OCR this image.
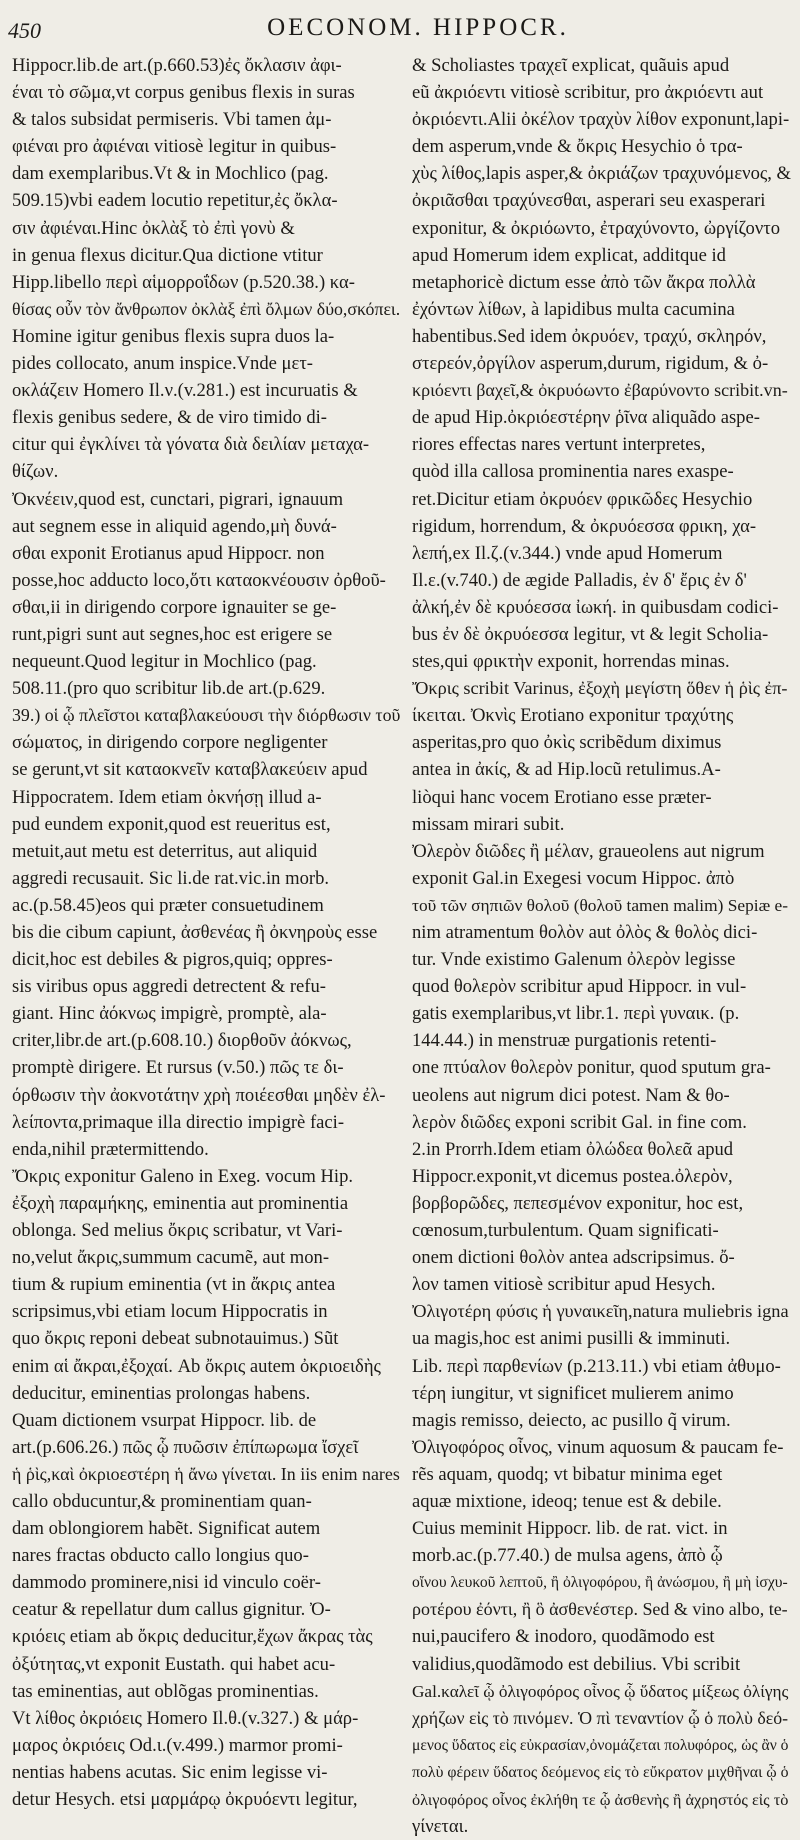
450	OECONOM. HIPPOCR.
Hippocr.lib.de art.(p.660.53)ἐς ὄκλασιν ἀφι-
έναι τὸ σῶμα,vt corpus genibus flexis in suras
& talos subsidat permiseris. Vbi tamen ἀμ-
φιέναι pro ἀφιέναι vitiosè legitur in quibus-
dam exemplaribus.Vt & in Mochlico (pag.
509.15)vbi eadem locutio repetitur,ἐς ὄκλα-
σιν ἀφιέναι.Hinc ὀκλὰξ τὸ ἐπὶ γονὺ &
in genua flexus dicitur.Qua dictione vtitur
Hipp.libello περὶ αἱμορροΐδων (p.520.38.) κα-
θίσας οὖν τὸν ἄνθρωπον ὀκλὰξ ἐπὶ ὄλμων δύο,σκόπει.
Homine igitur genibus flexis supra duos la-
pides collocato, anum inspice.Vnde μετ-
οκλάζειν Homero Il.ν.(v.281.) est incuruatis &
flexis genibus sedere, & de viro timido di-
citur qui ἐγκλίνει τὰ γόνατα διὰ δειλίαν μεταχα-
θίζων.
Ὀκνέειν,quod est, cunctari, pigrari, ignauum
aut segnem esse in aliquid agendo,μὴ δυνά-
σθαι exponit Erotianus apud Hippocr. non
posse,hoc adducto loco,ὅτι καταοκνέουσιν ὀρθοῦ-
σθαι,ii in dirigendo corpore ignauiter se ge-
runt,pigri sunt aut segnes,hoc est erigere se
nequeunt.Quod legitur in Mochlico (pag.
508.11.(pro quo scribitur lib.de art.(p.629.
39.) οἱ ᾧ πλεῖστοι καταβλακεύουσι τὴν διόρθωσιν τοῦ
σώματος, in dirigendo corpore negligenter
se gerunt,vt sit καταοκνεῖν καταβλακεύειν apud
Hippocratem. Idem etiam ὀκνήσῃ illud a-
pud eundem exponit,quod est reueritus est,
metuit,aut metu est deterritus, aut aliquid
aggredi recusauit. Sic li.de rat.vic.in morb.
ac.(p.58.45)eos qui præter consuetudinem
bis die cibum capiunt, ἀσθενέας ἢ ὀκνηροὺς esse
dicit,hoc est debiles & pigros,quiq; oppres-
sis viribus opus aggredi detrectent & refu-
giant. Hinc ἀόκνως impigrè, promptè, ala-
criter,libr.de art.(p.608.10.) διορθοῦν ἀόκνως,
promptè dirigere. Et rursus (v.50.) πῶς τε δι-
όρθωσιν τὴν ἀοκνοτάτην χρὴ ποιέεσθαι μηδὲν ἐλ-
λείποντα,primaque illa directio impigrè faci-
enda,nihil prætermittendo.
Ὄκρις exponitur Galeno in Exeg. vocum Hip.
ἐξοχὴ παραμήκης, eminentia aut prominentia
oblonga. Sed melius ὄκρις scribatur, vt Vari-
no,velut ἄκρις,summum cacumẽ, aut mon-
tium & rupium eminentia (vt in ἄκρις antea
scripsimus,vbi etiam locum Hippocratis in
quo ὄκρις reponi debeat subnotauimus.) Sũt
enim αἱ ἄκραι,ἐξοχαί. Ab ὄκρις autem ὀκριοειδὴς
deducitur, eminentias prolongas habens.
Quam dictionem vsurpat Hippocr. lib. de
art.(p.606.26.) πῶς ᾧ πυῶσιν ἐπίπωρωμα ἴσχεῖ
ἡ ῥὶς,καὶ ὀκριοεστέρη ἡ ἄνω γίνεται. In iis enim nares
callo obducuntur,& prominentiam quan-
dam oblongiorem habẽt. Significat autem
nares fractas obducto callo longius quo-
dammodo prominere,nisi id vinculo coër-
ceatur & repellatur dum callus gignitur. Ὀ-
κριόεις etiam ab ὄκρις deducitur,ἔχων ἄκρας τὰς
ὀξύτητας,vt exponit Eustath. qui habet acu-
tas eminentias, aut oblõgas prominentias.
Vt λίθος ὀκριόεις Homero Il.θ.(v.327.) & μάρ-
μαρος ὀκριόεις Od.ι.(v.499.) marmor promi-
nentias habens acutas. Sic enim legisse vi-
detur Hesych. etsi μαρμάρῳ ὀκρυόεντι legitur,
& Scholiastes τραχεῖ explicat, quãuis apud
eũ ἀκριόεντι vitiosè scribitur, pro ἀκριόεντι aut
ὀκριόεντι.Alii ὀκέλον τραχὺν λίθον exponunt,lapi-
dem asperum,vnde & ὄκρις Hesychio ὁ τρα-
χὺς λίθος,lapis asper,& ὀκριάζων τραχυνόμενος, &
ὀκριᾶσθαι τραχύνεσθαι, asperari seu exasperari
exponitur, & ὀκριόωντο, ἐτραχύνοντο, ὠργίζοντο
apud Homerum idem explicat, additque id
metaphoricè dictum esse ἀπὸ τῶν ἄκρα πολλὰ
ἐχόντων λίθων, à lapidibus multa cacumina
habentibus.Sed idem ὀκρυόεν, τραχύ, σκληρόν,
στερεόν,ὀργίλον asperum,durum, rigidum, & ὀ-
κριόεντι βαχεῖ,& ὀκρυόωντο ἐβαρύνοντο scribit.vn-
de apud Hip.ὀκριόεστέρην ῥῖνα aliquãdo aspe-
riores effectas nares vertunt interpretes,
quòd illa callosa prominentia nares exaspe-
ret.Dicitur etiam ὀκρυόεν φρικῶδες Hesychio
rigidum, horrendum, & ὀκρυόεσσα φρικη, χα-
λεπή,ex Il.ζ.(v.344.) vnde apud Homerum
Il.ε.(v.740.) de ægide Palladis, ἐν δ' ἔρις ἐν δ'
ἀλκή,ἐν δὲ κρυόεσσα ἰωκή. in quibusdam codici-
bus ἐν δὲ ὀκρυόεσσα legitur, vt & legit Scholia-
stes,qui φρικτὴν exponit, horrendas minas.
Ὄκρις scribit Varinus, ἐξοχὴ μεγίστη ὅθεν ἡ ῥὶς ἐπ-
ίκειται. Ὀκνὶς Erotiano exponitur τραχύτης
asperitas,pro quo ὀκὶς scribẽdum diximus
antea in ἀκίς, & ad Hip.locũ retulimus.A-
liòqui hanc vocem Erotiano esse præter-
missam mirari subit.
Ὀλερὸν διῶδες ἢ μέλαν, graueolens aut nigrum
exponit Gal.in Exegesi vocum Hippoc. ἀπὸ
τοῦ τῶν σηπιῶν θολοῦ (θολοῦ tamen malim) Sepiæ e-
nim atramentum θολὸν aut ὀλὸς & θολὸς dici-
tur. Vnde existimo Galenum ὀλερὸν legisse
quod θολερὸν scribitur apud Hippocr. in vul-
gatis exemplaribus,vt libr.1. περὶ γυναικ. (p.
144.44.) in menstruæ purgationis retenti-
one πτύαλον θολερὸν ponitur, quod sputum gra-
ueolens aut nigrum dici potest. Nam & θο-
λερὸν διῶδες exponi scribit Gal. in fine com.
2.in Prorrh.Idem etiam ὀλώδεα θολεᾶ apud
Hippocr.exponit,vt dicemus postea.ὀλερὸν,
βορβορῶδες, πεπεσμένον exponitur, hoc est,
cœnosum,turbulentum. Quam significati-
onem dictioni θολὸν antea adscripsimus. ὄ-
λον tamen vitiosè scribitur apud Hesych.
Ὀλιγοτέρη φύσις ἡ γυναικεῖη,natura muliebris igna
ua magis,hoc est animi pusilli & imminuti.
Lib. περὶ παρθενίων (p.213.11.) vbi etiam ἀθυμο-
τέρη iungitur, vt significet mulierem animo
magis remisso, deiecto, ac pusillo q̃ virum.
Ὀλιγοφόρος οἶνος, vinum aquosum & paucam fe-
rẽs aquam, quodq; vt bibatur minima eget
aquæ mixtione, ideoq; tenue est & debile.
Cuius meminit Hippocr. lib. de rat. vict. in
morb.ac.(p.77.40.) de mulsa agens, ἀπὸ ᾧ
οἴνου λευκοῦ λεπτοῦ, ἢ ὀλιγοφόρου, ἢ ἀνώσμου, ἢ μὴ ἰσχυ-
ροτέρου ἐόντι, ἢ ὃ ἀσθενέστερ. Sed & vino albo, te-
nui,paucifero & inodoro, quodãmodo est
validius,quodãmodo est debilius. Vbi scribit
Gal.καλεῖ ᾧ ὀλιγοφόρος οἶνος ᾧ ὕδατος μίξεως ὀλίγης
χρήζων εἰς τὸ πινόμεν. Ὁ πὶ τεναντίον ᾧ ὁ πολὺ δεό-
μενος ὕδατος εἰς εὐκρασίαν,ὀνομάζεται πολυφόρος, ὡς ἂν ὁ
πολὺ φέρειν ὕδατος δεόμενος εἰς τὸ εὔκρατον μιχθῆναι ᾧ ὁ
ὀλιγοφόρος οἶνος ἐκλήθη τε ᾧ ἀσθενὴς ἢ ἀχρηστός εἰς τὸ
γίνεται.
